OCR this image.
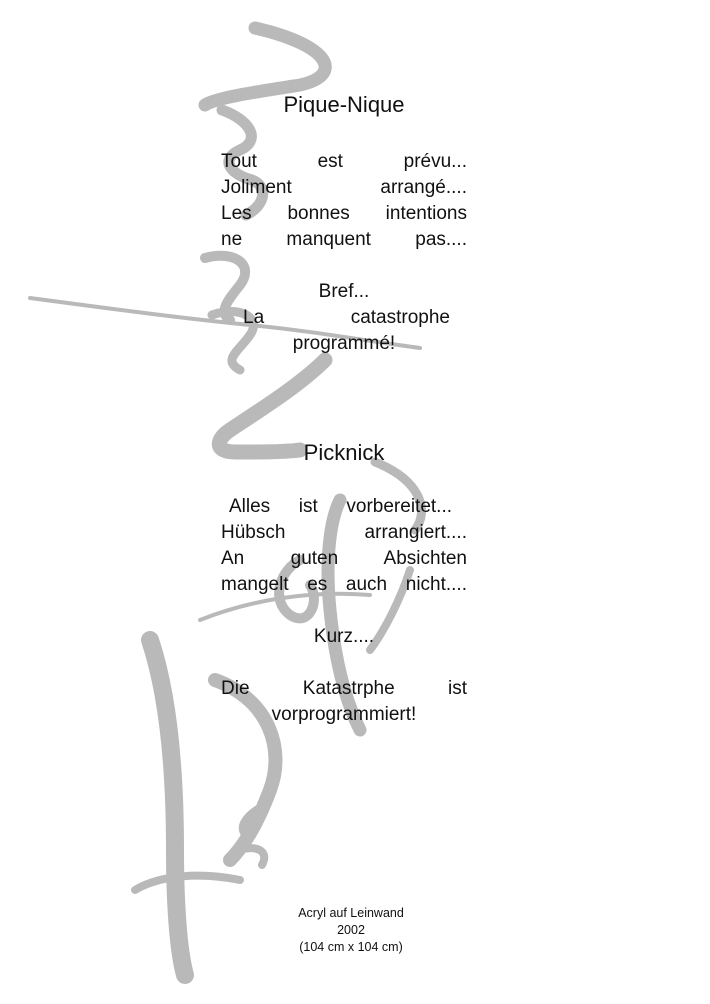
Pique-Nique
Tout est prévu...
Joliment arrangé....
Les bonnes intentions
ne manquent pas....
Bref...
La catastrophe
programmé!
Picknick
Alles ist vorbereitet...
Hübsch arrangiert....
An guten Absichten
mangelt es auch nicht....
Kurz....
Die Katastrphe ist
vorprogrammiert!
Acryl auf Leinwand
2002
(104 cm x 104 cm)
